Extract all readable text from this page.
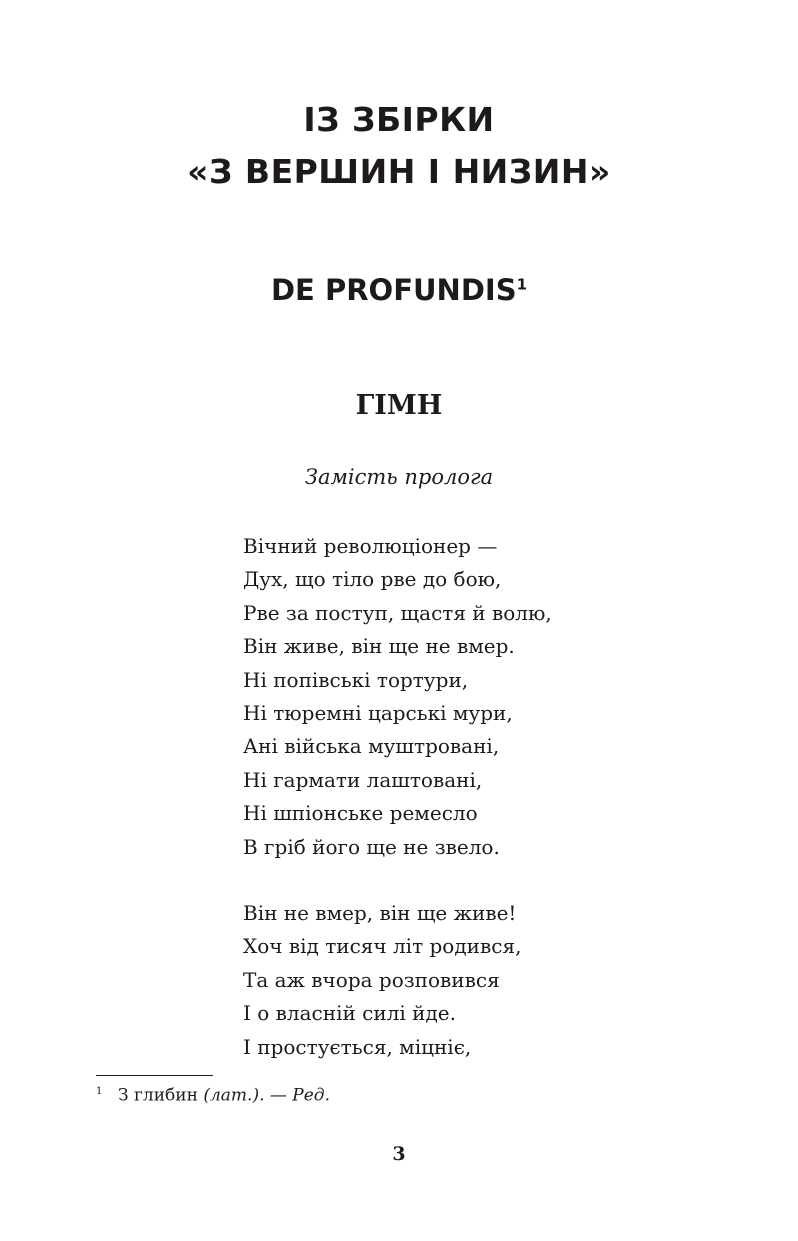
ІЗ ЗБІРКИ
«З ВЕРШИН І НИЗИН»
DE PROFUNDIS$^1$
ГІМН

Замість пролога

Вічний революціонер —
Дух, що тіло рве до бою,
Рве за поступ, щастя й волю,
Він живе, він ще не вмер.
Ні попівські тортури,
Ні тюремні царські мури,
Ані війська муштровані,
Ні гармати лаштовані,
Ні шпіонське ремесло
В гріб його ще не звело.
Він не вмер, він ще живе!
Хоч від тисяч літ родився,
Та аж вчора розповився
І о власній силі йде.
І простується, міцніє,
1 З глибин (лат.). — Ред.
3
